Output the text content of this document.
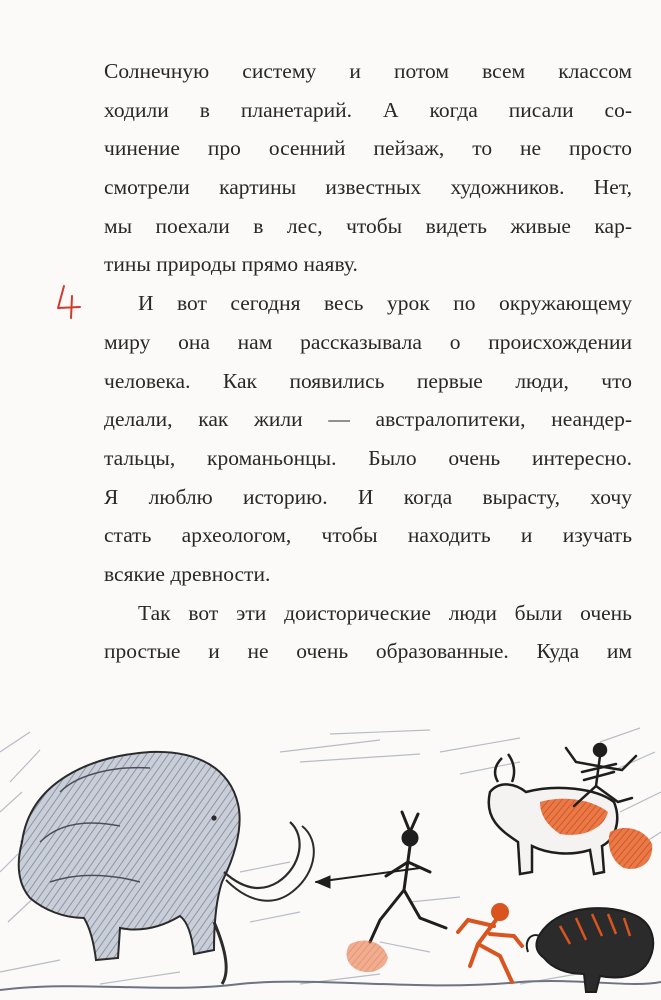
Солнечную систему и потом всем классом
ходили в планетарий. А когда писали со-
чинение про осенний пейзаж, то не просто
смотрели картины известных художников. Нет,
мы поехали в лес, чтобы видеть живые кар-
тины природы прямо наяву.
И вот сегодня весь урок по окружающему
миру она нам рассказывала о происхождении
человека. Как появились первые люди, что
делали, как жили — австралопитеки, неандер-
тальцы, кроманьонцы. Было очень интересно.
Я люблю историю. И когда вырасту, хочу
стать археологом, чтобы находить и изучать
всякие древности.
Так вот эти доисторические люди были очень
простые и не очень образованные. Куда им
